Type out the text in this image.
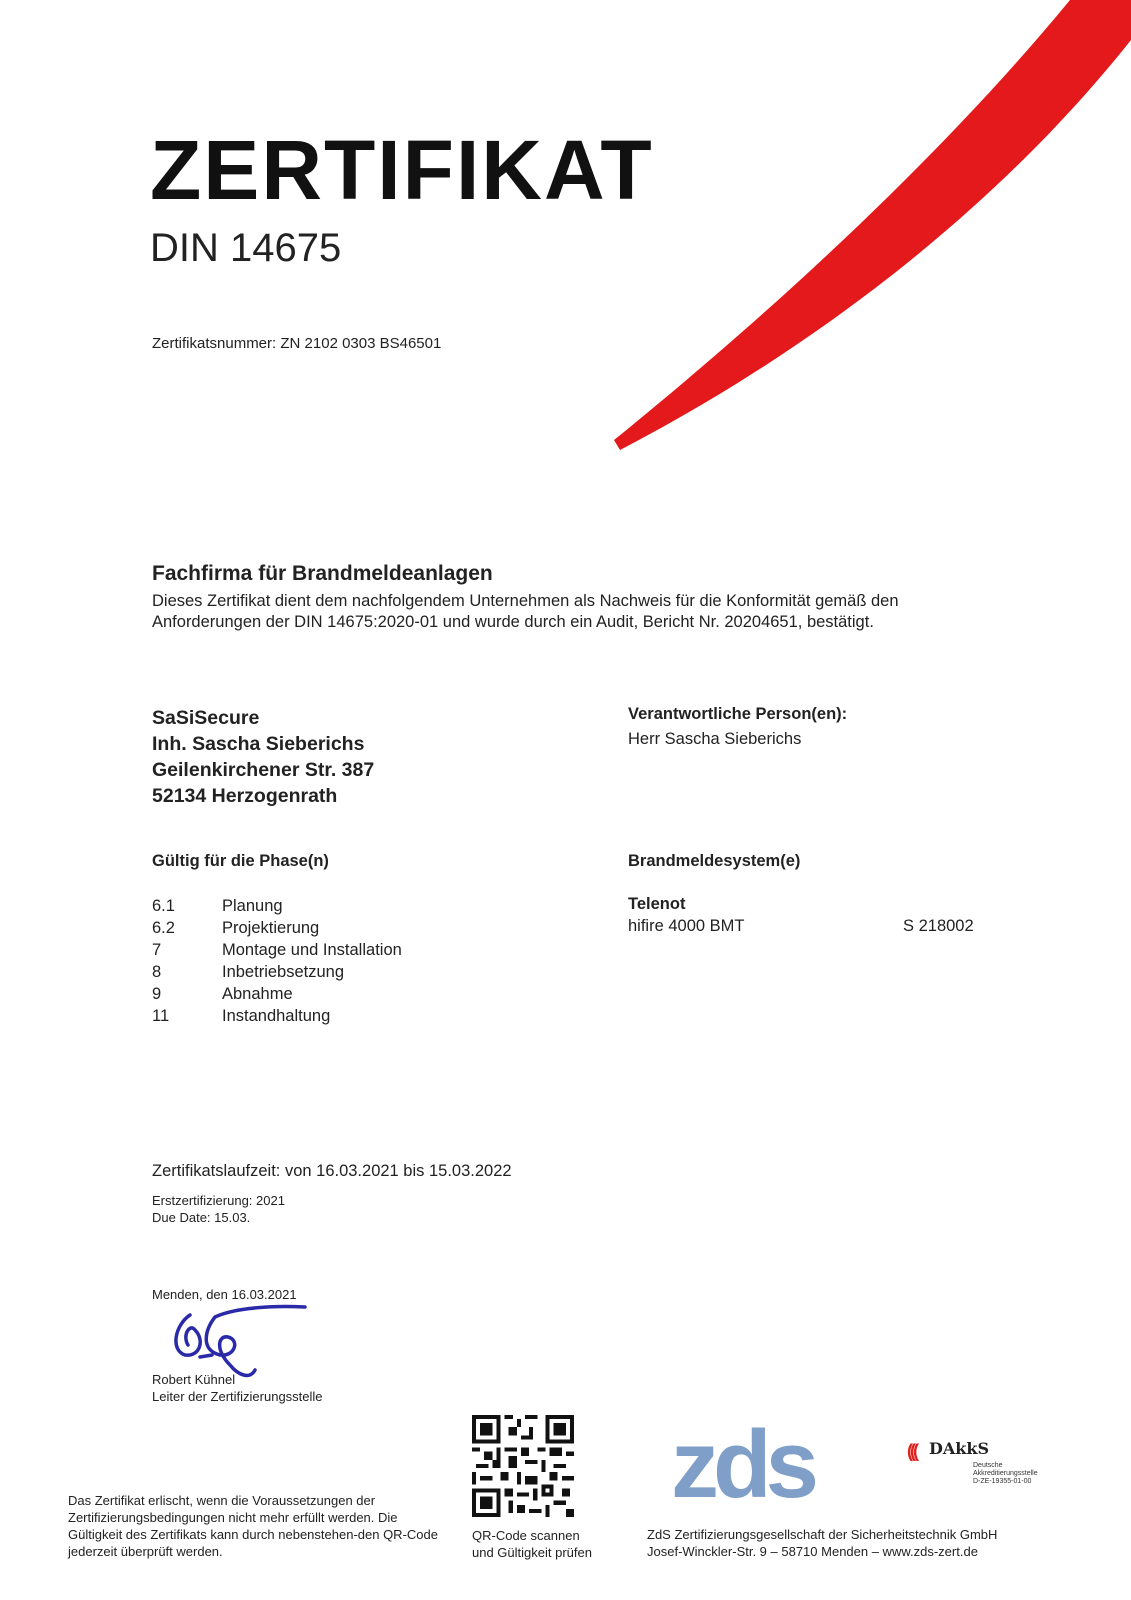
ZERTIFIKAT
DIN 14675
Zertifikatsnummer: ZN 2102 0303 BS46501
Fachfirma für Brandmeldeanlagen
Dieses Zertifikat dient dem nachfolgendem Unternehmen als Nachweis für die Konformität gemäß den Anforderungen der DIN 14675:2020-01 und wurde durch ein Audit, Bericht Nr. 20204651, bestätigt.
SaSiSecure
Inh. Sascha Sieberichs
Geilenkirchener Str. 387
52134 Herzogenrath
Verantwortliche Person(en):
Herr Sascha Sieberichs
Gültig für die Phase(n)	Brandmeldesystem(e)
6.1	Planung
6.2	Projektierung
7	Montage und Installation
8	Inbetriebsetzung
9	Abnahme
11	Instandhaltung
Telenot
hifire 4000 BMT	S 218002
Zertifikatslaufzeit: von 16.03.2021 bis 15.03.2022
Erstzertifizierung: 2021
Due Date: 15.03.
Menden, den 16.03.2021
Robert Kühnel
Leiter der Zertifizierungsstelle
Das Zertifikat erlischt, wenn die Voraussetzungen der Zertifizierungsbedingungen nicht mehr erfüllt werden. Die Gültigkeit des Zertifikats kann durch nebenstehen-den QR-Code jederzeit überprüft werden.
QR-Code scannen
und Gültigkeit prüfen
zds
ZdS Zertifizierungsgesellschaft der Sicherheitstechnik GmbH
Josef-Winckler-Str. 9 – 58710 Menden – www.zds-zert.de
((( DAkkS
Deutsche
Akkreditierungsstelle
D-ZE-19355-01-00
